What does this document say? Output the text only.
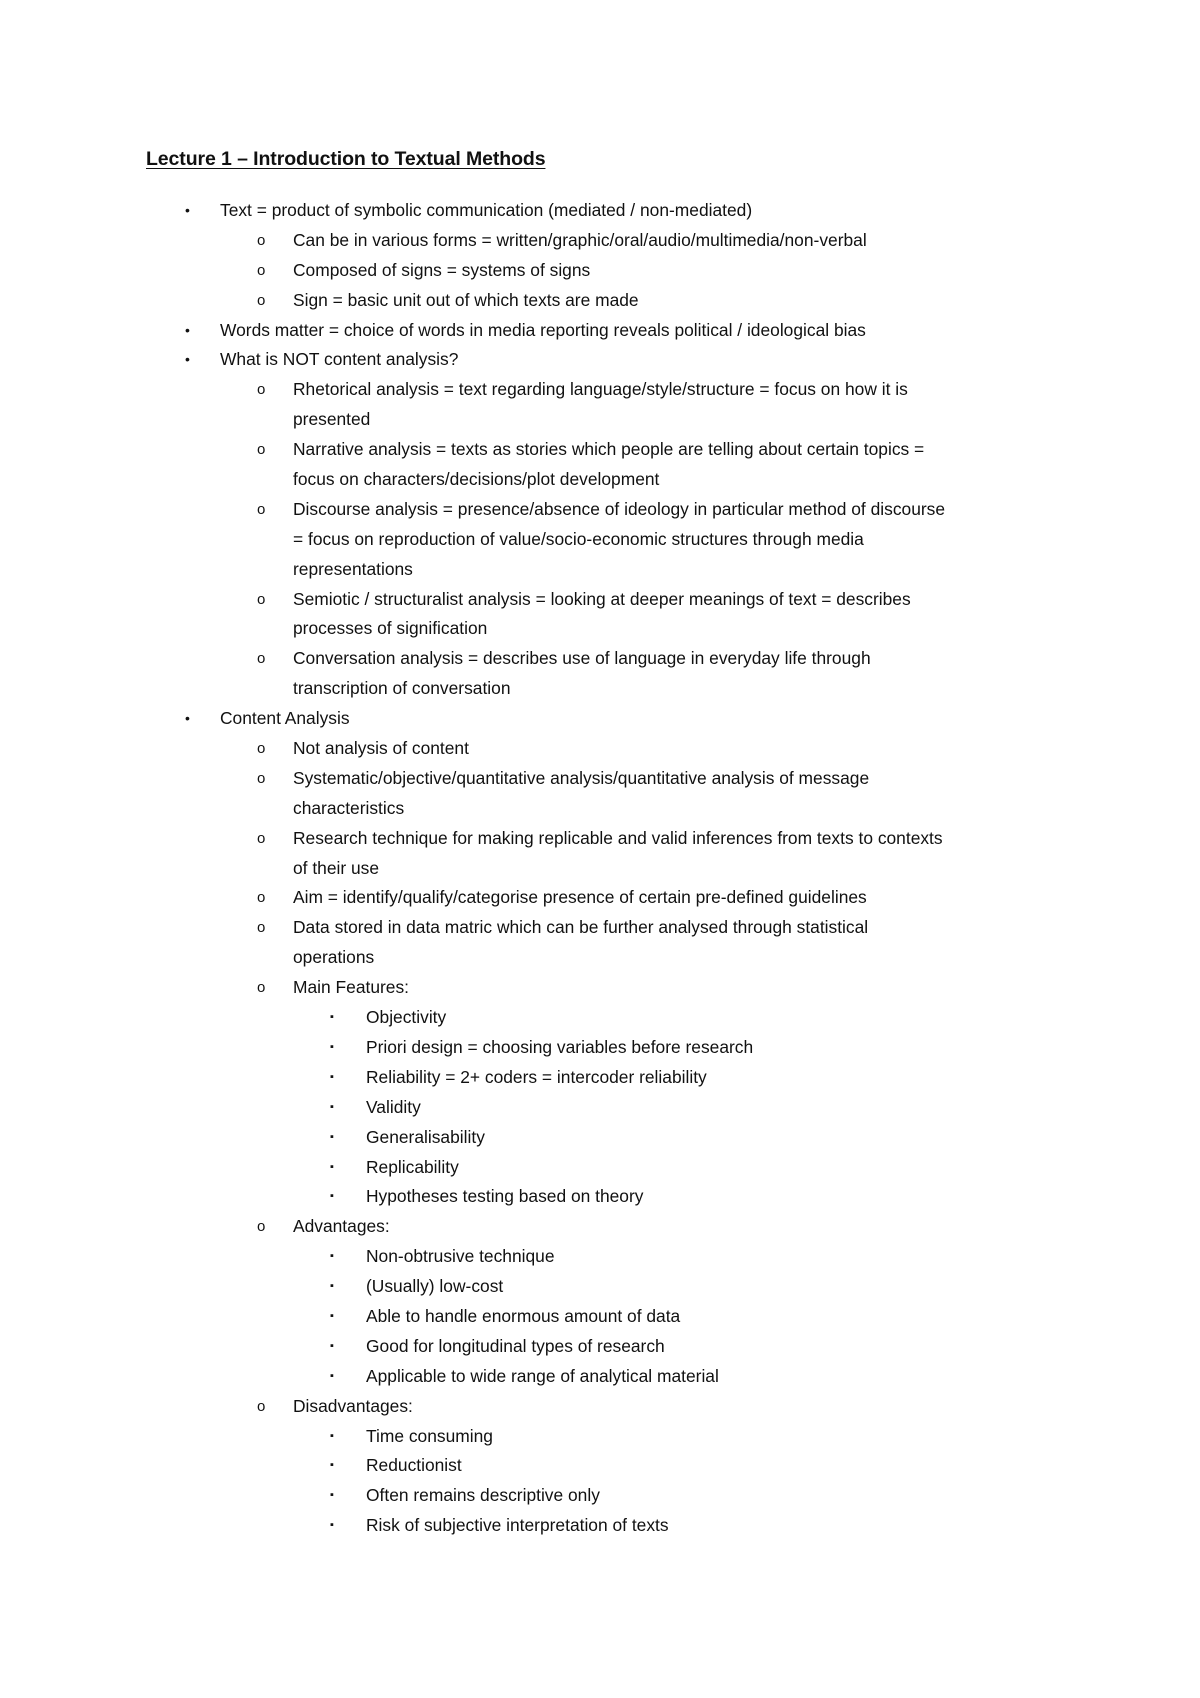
Lecture 1 – Introduction to Textual Methods
•	Text = product of symbolic communication (mediated / non-mediated)
o	Can be in various forms = written/graphic/oral/audio/multimedia/non-verbal
o	Composed of signs = systems of signs
o	Sign = basic unit out of which texts are made
•	Words matter = choice of words in media reporting reveals political / ideological bias
•	What is NOT content analysis?
o	Rhetorical analysis = text regarding language/style/structure = focus on how it is
presented
o	Narrative analysis = texts as stories which people are telling about certain topics =
focus on characters/decisions/plot development
o	Discourse analysis = presence/absence of ideology in particular method of discourse
= focus on reproduction of value/socio-economic structures through media
representations
o	Semiotic / structuralist analysis = looking at deeper meanings of text = describes
processes of signification
o	Conversation analysis = describes use of language in everyday life through
transcription of conversation
•	Content Analysis
o	Not analysis of content
o	Systematic/objective/quantitative analysis/quantitative analysis of message
characteristics
o	Research technique for making replicable and valid inferences from texts to contexts
of their use
o	Aim = identify/qualify/categorise presence of certain pre-defined guidelines
o	Data stored in data matric which can be further analysed through statistical
operations
o	Main Features:
▪	Objectivity
▪	Priori design = choosing variables before research
▪	Reliability = 2+ coders = intercoder reliability
▪	Validity
▪	Generalisability
▪	Replicability
▪	Hypotheses testing based on theory
o	Advantages:
▪	Non-obtrusive technique
▪	(Usually) low-cost
▪	Able to handle enormous amount of data
▪	Good for longitudinal types of research
▪	Applicable to wide range of analytical material
o	Disadvantages:
▪	Time consuming
▪	Reductionist
▪	Often remains descriptive only
▪	Risk of subjective interpretation of texts
